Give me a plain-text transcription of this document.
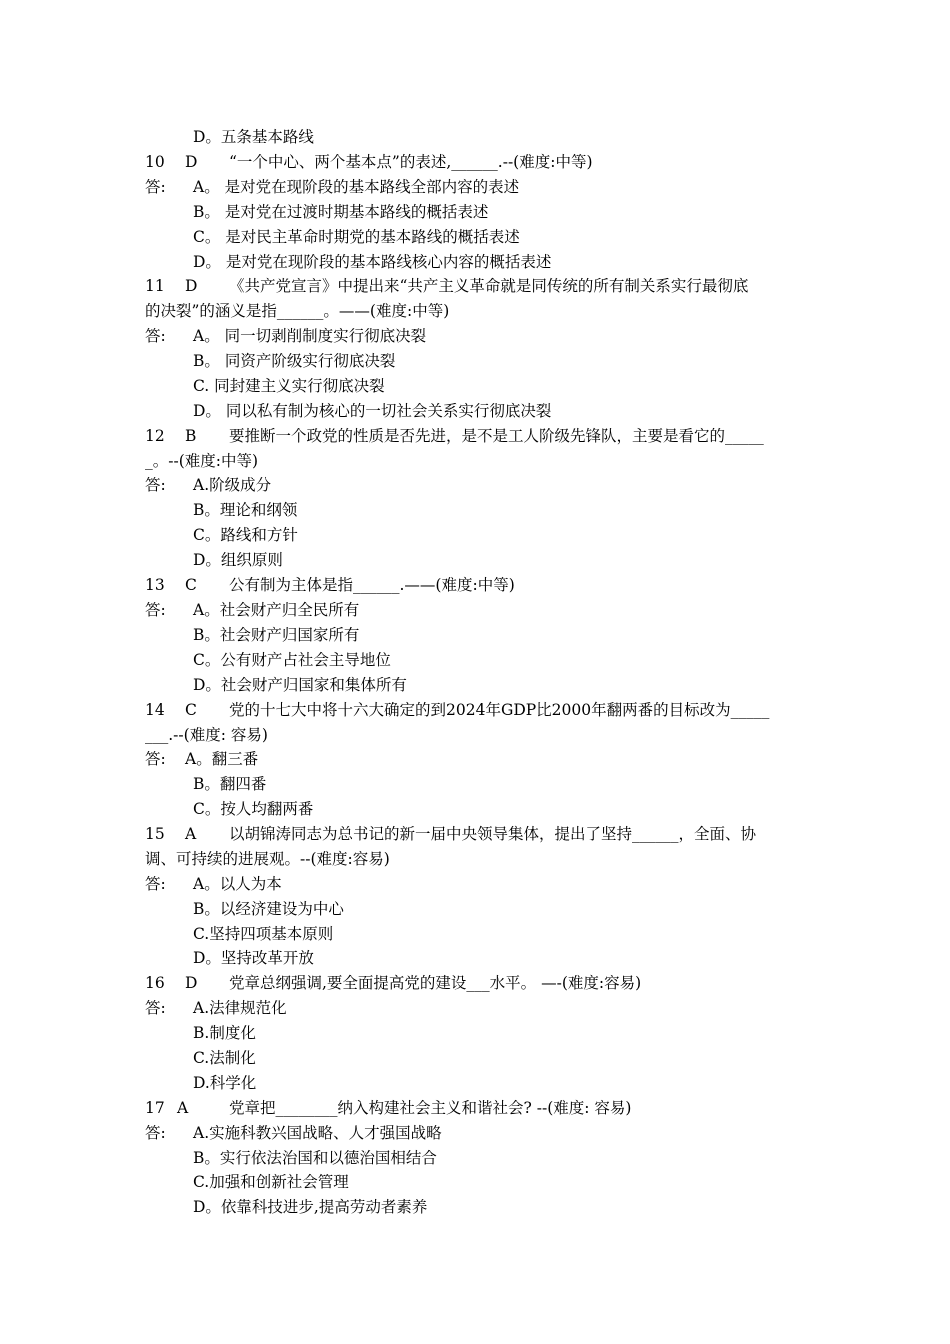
D。五条基本路线
10 D “一个中心、两个基本点”的表述,______.--(难度:中等)
答: A。 是对党在现阶段的基本路线全部内容的表述
B。 是对党在过渡时期基本路线的概括表述
C。 是对民主革命时期党的基本路线的概括表述
D。 是对党在现阶段的基本路线核心内容的概括表述
11 D 《共产党宣言》中提出来“共产主义革命就是同传统的所有制关系实行最彻底
的决裂”的涵义是指______。——(难度:中等)
答: A。 同一切剥削制度实行彻底决裂
B。 同资产阶级实行彻底决裂
C. 同封建主义实行彻底决裂
D。 同以私有制为核心的一切社会关系实行彻底决裂
12 B 要推断一个政党的性质是否先进，是不是工人阶级先锋队，主要是看它的_____
_。--(难度:中等)
答: A.阶级成分
B。理论和纲领
C。路线和方针
D。组织原则
13 C 公有制为主体是指______.——(难度:中等)
答: A。社会财产归全民所有
B。社会财产归国家所有
C。公有财产占社会主导地位
D。社会财产归国家和集体所有
14 C 党的十七大中将十六大确定的到2024年GDP比2000年翻两番的目标改为_____
___.--(难度: 容易)
答: A。翻三番
B。翻四番
C。按人均翻两番
15 A 以胡锦涛同志为总书记的新一届中央领导集体，提出了坚持______，全面、协
调、可持续的进展观。--(难度:容易)
答: A。以人为本
B。以经济建设为中心
C.坚持四项基本原则
D。坚持改革开放
16 D 党章总纲强调,要全面提高党的建设___水平。 —-(难度:容易)
答: A.法律规范化
B.制度化
C.法制化
D.科学化
17 A	党章把________纳入构建社会主义和谐社会? --(难度: 容易)
答: A.实施科教兴国战略、人才强国战略
B。实行依法治国和以德治国相结合
C.加强和创新社会管理
D。依靠科技进步,提高劳动者素养
